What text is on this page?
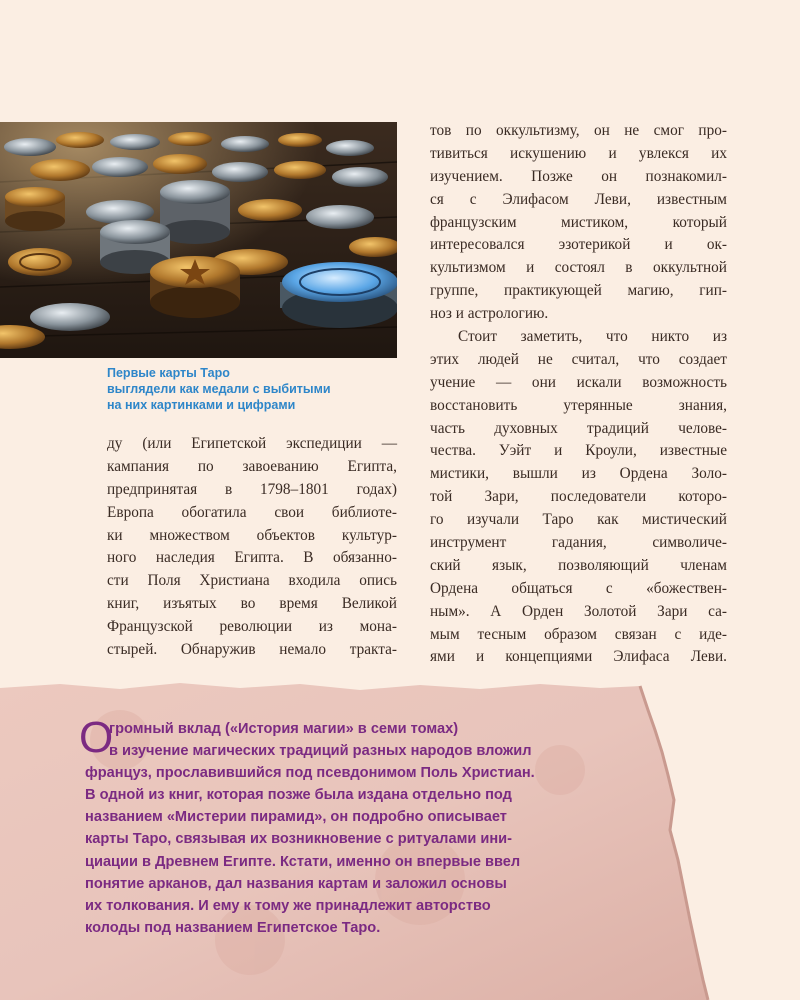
Первые карты Таро
выглядели как медали с выбитыми
на них картинками и цифрами
ду (или Египетской экспедиции —
кампания по завоеванию Египта,
предпринятая в 1798–1801 годах)
Европа обогатила свои библиоте-
ки множеством объектов культур-
ного наследия Египта. В обязанно-
сти Поля Христиана входила опись
книг, изъятых во время Великой
Французской революции из мона-
стырей. Обнаружив немало тракта-
тов по оккультизму, он не смог про-
тивиться искушению и увлекся их
изучением. Позже он познакомил-
ся с Элифасом Леви, известным
французским мистиком, который
интересовался эзотерикой и ок-
культизмом и состоял в оккультной
группе, практикующей магию, гип-
ноз и астрологию.
Стоит заметить, что никто из
этих людей не считал, что создает
учение — они искали возможность
восстановить утерянные знания,
часть духовных традиций челове-
чества. Уэйт и Кроули, известные
мистики, вышли из Ордена Золо-
той Зари, последователи которо-
го изучали Таро как мистический
инструмент гадания, символиче-
ский язык, позволяющий членам
Ордена общаться с «божествен-
ным». А Орден Золотой Зари са-
мым тесным образом связан с иде-
ями и концепциями Элифаса Леви.
О
громный вклад («История магии» в семи томах)
в изучение магических традиций разных народов вложил
француз, прославившийся под псевдонимом Поль Христиан.
В одной из книг, которая позже была издана отдельно под
названием «Мистерии пирамид», он подробно описывает
карты Таро, связывая их возникновение с ритуалами ини-
циации в Древнем Египте. Кстати, именно он впервые ввел
понятие арканов, дал названия картам и заложил основы
их толкования. И ему к тому же принадлежит авторство
колоды под названием Египетское Таро.
